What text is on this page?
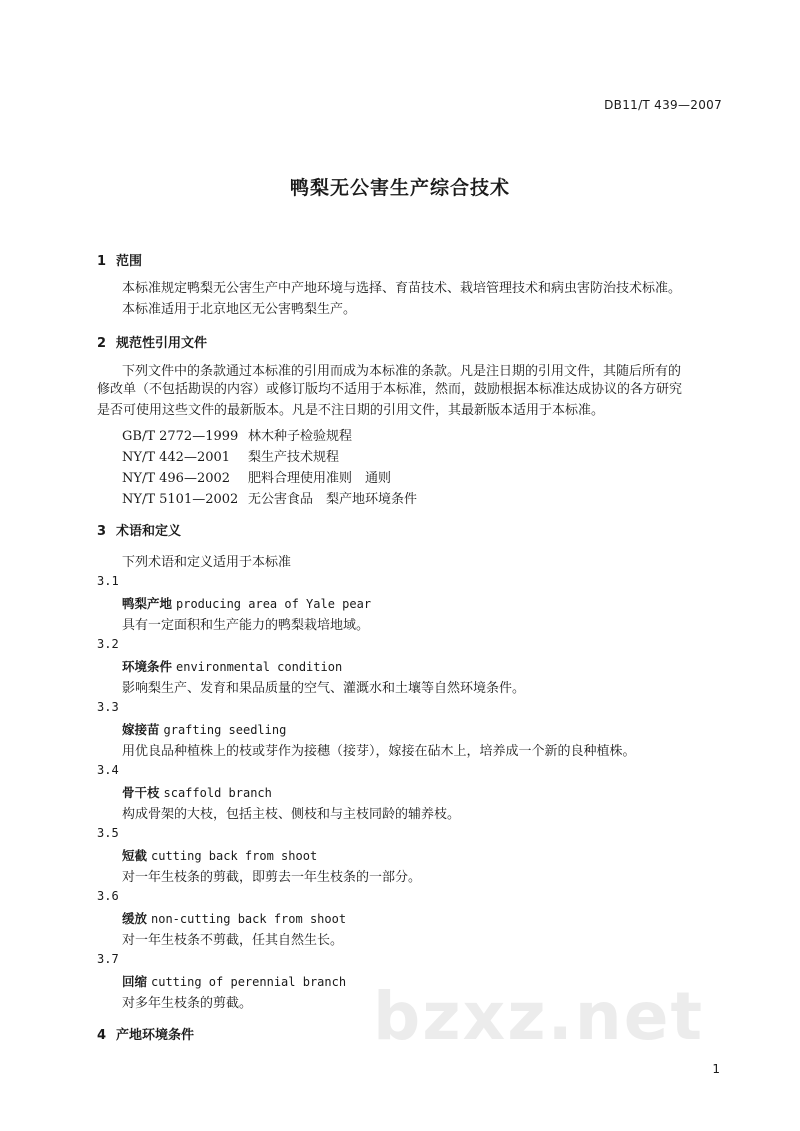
DB11/T 439—2007
鸭梨无公害生产综合技术
1 范围
本标准规定鸭梨无公害生产中产地环境与选择、育苗技术、栽培管理技术和病虫害防治技术标准。
本标准适用于北京地区无公害鸭梨生产。
2 规范性引用文件
下列文件中的条款通过本标准的引用而成为本标准的条款。凡是注日期的引用文件，其随后所有的
修改单（不包括勘误的内容）或修订版均不适用于本标准，然而，鼓励根据本标准达成协议的各方研究
是否可使用这些文件的最新版本。凡是不注日期的引用文件，其最新版本适用于本标准。
GB/T 2772—1999 林木种子检验规程
NY/T 442—2001 梨生产技术规程
NY/T 496—2002 肥料合理使用准则　通则
NY/T 5101—2002 无公害食品　梨产地环境条件
3 术语和定义
下列术语和定义适用于本标准
3.1
鸭梨产地 producing area of Yale pear
具有一定面积和生产能力的鸭梨栽培地域。
3.2
环境条件 environmental condition
影响梨生产、发育和果品质量的空气、灌溉水和土壤等自然环境条件。
3.3
嫁接苗 grafting seedling
用优良品种植株上的枝或芽作为接穗（接芽），嫁接在砧木上，培养成一个新的良种植株。
3.4
骨干枝 scaffold branch
构成骨架的大枝，包括主枝、侧枝和与主枝同龄的辅养枝。
3.5
短截 cutting back from shoot
对一年生枝条的剪截，即剪去一年生枝条的一部分。
3.6
缓放 non-cutting back from shoot
对一年生枝条不剪截，任其自然生长。
3.7
回缩 cutting of perennial branch
对多年生枝条的剪截。
4 产地环境条件	bzxz.net
1
